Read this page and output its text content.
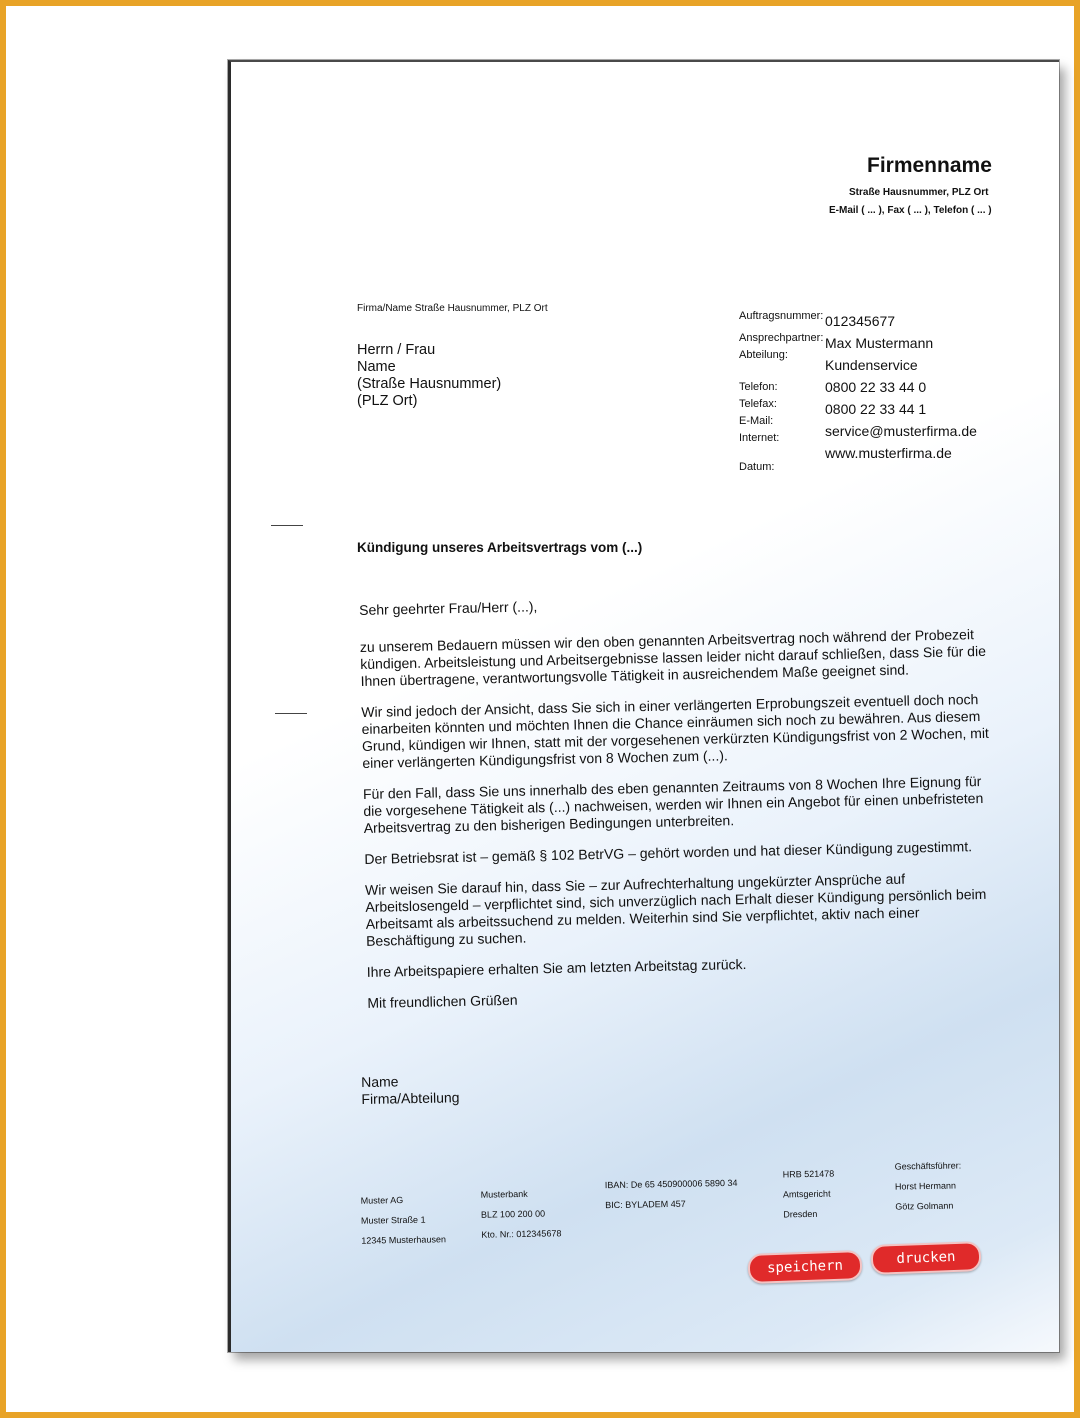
Firmenname
Straße Hausnummer, PLZ Ort
E-Mail ( ... ), Fax ( ... ), Telefon ( ... )
Firma/Name Straße Hausnummer, PLZ Ort
Herrn / Frau
Name
(Straße Hausnummer)
(PLZ Ort)
Auftragsnummer:
Ansprechpartner:
Abteilung:
Telefon:
Telefax:
E-Mail:
Internet:
Datum:
012345677
Max Mustermann
Kundenservice
0800 22 33 44 0
0800 22 33 44 1
service@musterfirma.de
www.musterfirma.de
Kündigung unseres Arbeitsvertrags vom (...)

Sehr geehrter Frau/Herr (...),

zu unserem Bedauern müssen wir den oben genannten Arbeitsvertrag noch während der Probezeit kündigen. Arbeitsleistung und Arbeitsergebnisse lassen leider nicht darauf schließen, dass Sie für die Ihnen übertragene, verantwortungsvolle Tätigkeit in ausreichendem Maße geeignet sind.

Wir sind jedoch der Ansicht, dass Sie sich in einer verlängerten Erprobungszeit eventuell doch noch einarbeiten könnten und möchten Ihnen die Chance einräumen sich noch zu bewähren. Aus diesem Grund, kündigen wir Ihnen, statt mit der vorgesehenen verkürzten Kündigungsfrist von 2 Wochen, mit einer verlängerten Kündigungsfrist von 8 Wochen zum (...).

Für den Fall, dass Sie uns innerhalb des eben genannten Zeitraums von 8 Wochen Ihre Eignung für die vorgesehene Tätigkeit als (...) nachweisen, werden wir Ihnen ein Angebot für einen unbefristeten Arbeitsvertrag zu den bisherigen Bedingungen unterbreiten.

Der Betriebsrat ist – gemäß § 102 BetrVG – gehört worden und hat dieser Kündigung zugestimmt.

Wir weisen Sie darauf hin, dass Sie – zur Aufrechterhaltung ungekürzter Ansprüche auf Arbeitslosengeld – verpflichtet sind, sich unverzüglich nach Erhalt dieser Kündigung persönlich beim Arbeitsamt als arbeitssuchend zu melden. Weiterhin sind Sie verpflichtet, aktiv nach einer Beschäftigung zu suchen.

Ihre Arbeitspapiere erhalten Sie am letzten Arbeitstag zurück.

Mit freundlichen Grüßen

Name
Firma/Abteilung
Muster AG
Muster Straße 1
12345 Musterhausen
Musterbank
BLZ 100 200 00
Kto. Nr.: 012345678
IBAN: De 65 450900006 5890 34
BIC: BYLADEM 457
HRB 521478
Amtsgericht
Dresden
Geschäftsführer:
Horst Hermann
Götz Golmann
speichern	drucken
